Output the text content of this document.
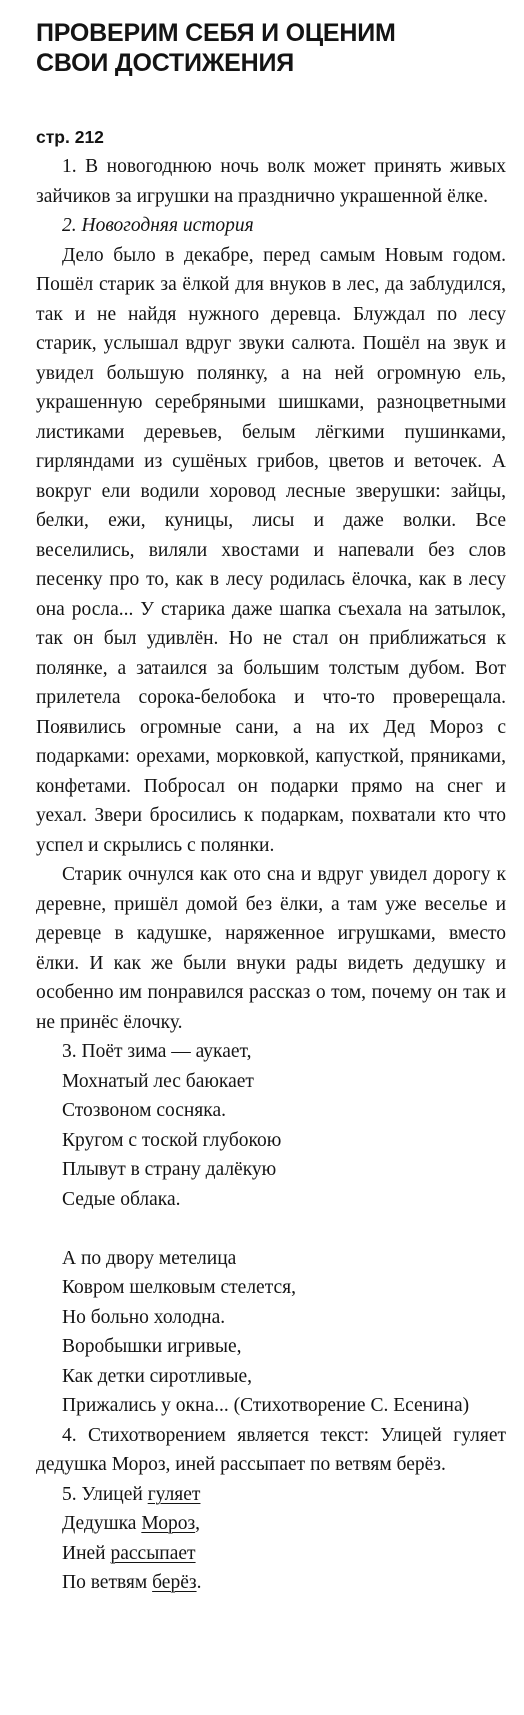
ПРОВЕРИМ СЕБЯ И ОЦЕНИМ
СВОИ ДОСТИЖЕНИЯ

стр. 212

1. В новогоднюю ночь волк может принять живых зайчиков за игрушки на празднично украшенной ёлке.

2. Новогодняя история

Дело было в декабре, перед самым Новым годом. Пошёл старик за ёлкой для внуков в лес, да заблудился, так и не найдя нужного деревца. Блуждал по лесу старик, услышал вдруг звуки салюта. Пошёл на звук и увидел большую полянку, а на ней огромную ель, украшенную серебряными шишками, разноцветными листиками деревьев, белым лёгкими пушинками, гирляндами из сушёных грибов, цветов и веточек. А вокруг ели водили хоровод лесные зверушки: зайцы, белки, ежи, куницы, лисы и даже волки. Все веселились, виляли хвостами и напевали без слов песенку про то, как в лесу родилась ёлочка, как в лесу она росла... У старика даже шапка съехала на затылок, так он был удивлён. Но не стал он приближаться к полянке, а затаился за большим толстым дубом. Вот прилетела сорока-белобока и что-то проверещала. Появились огромные сани, а на их Дед Мороз с подарками: орехами, морковкой, капусткой, пряниками, конфетами. Побросал он подарки прямо на снег и уехал. Звери бросились к подаркам, похватали кто что успел и скрылись с полянки.

Старик очнулся как ото сна и вдруг увидел дорогу к деревне, пришёл домой без ёлки, а там уже веселье и деревце в кадушке, наряженное игрушками, вместо ёлки. И как же были внуки рады видеть дедушку и особенно им понравился рассказ о том, почему он так и не принёс ёлочку.

3. Поёт зима — аукает,
Мохнатый лес баюкает
Стозвоном сосняка.
Кругом с тоской глубокою
Плывут в страну далёкую
Седые облака.
А по двору метелица
Ковром шелковым стелется,
Но больно холодна.
Воробышки игривые,
Как детки сиротливые,

Прижались у окна... (Стихотворение С. Есенина)

4. Стихотворением является текст: Улицей гуляет дедушка Мороз, иней рассыпает по ветвям берёз.

5. Улицей гуляет
Дедушка Мороз,
Иней рассыпает
По ветвям берёз.
